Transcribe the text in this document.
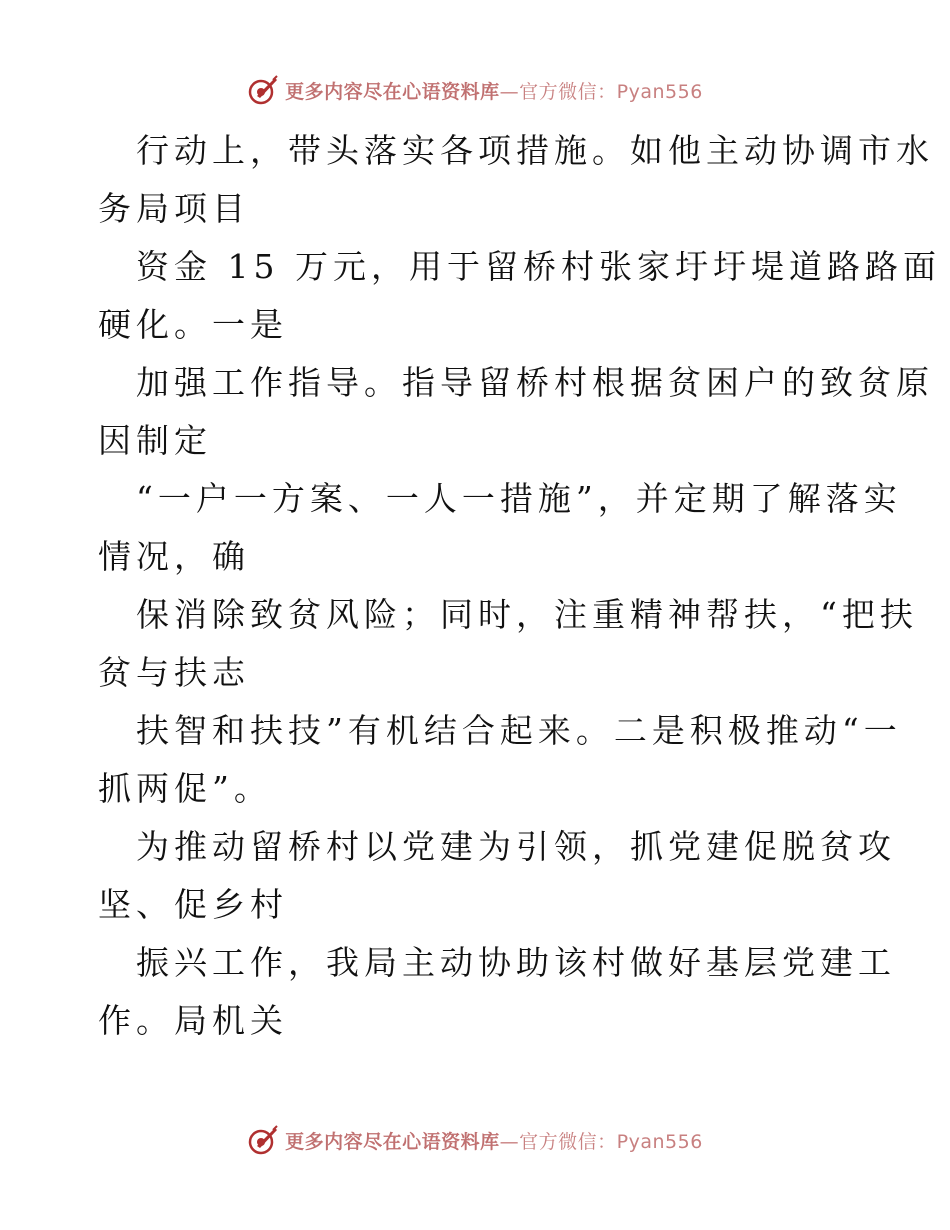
更多内容尽在心语资料库—官方微信：Pyan556

行动上，带头落实各项措施。如他主动协调市水
务局项目

资金 15 万元，用于留桥村张家圩圩堤道路路面
硬化。一是

加强工作指导。指导留桥村根据贫困户的致贫原
因制定

“一户一方案、一人一措施”，并定期了解落实
情况，确

保消除致贫风险；同时，注重精神帮扶，“把扶
贫与扶志

扶智和扶技”有机结合起来。二是积极推动“一
抓两促”。

为推动留桥村以党建为引领，抓党建促脱贫攻
坚、促乡村

振兴工作，我局主动协助该村做好基层党建工
作。局机关

更多内容尽在心语资料库—官方微信：Pyan556
